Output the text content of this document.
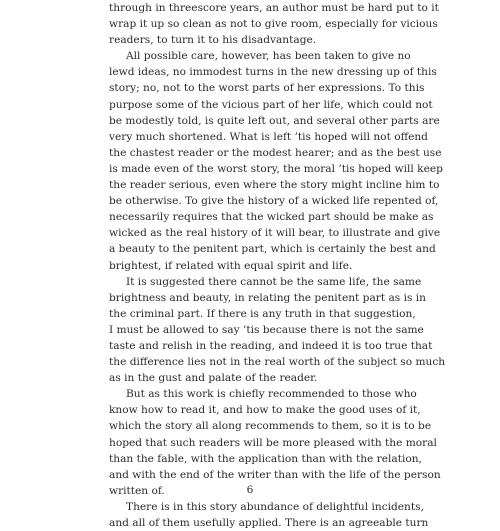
through in threescore years, an author must be hard put to it
wrap it up so clean as not to give room, especially for vicious
readers, to turn it to his disadvantage.
All possible care, however, has been taken to give no
lewd ideas, no immodest turns in the new dressing up of this
story; no, not to the worst parts of her expressions. To this
purpose some of the vicious part of her life, which could not
be modestly told, is quite left out, and several other parts are
very much shortened. What is left ’tis hoped will not offend
the chastest reader or the modest hearer; and as the best use
is made even of the worst story, the moral ’tis hoped will keep
the reader serious, even where the story might incline him to
be otherwise. To give the history of a wicked life repented of,
necessarily requires that the wicked part should be make as
wicked as the real history of it will bear, to illustrate and give
a beauty to the penitent part, which is certainly the best and
brightest, if related with equal spirit and life.
It is suggested there cannot be the same life, the same
brightness and beauty, in relating the penitent part as is in
the criminal part. If there is any truth in that suggestion,
I must be allowed to say ’tis because there is not the same
taste and relish in the reading, and indeed it is too true that
the difference lies not in the real worth of the subject so much
as in the gust and palate of the reader.
But as this work is chiefly recommended to those who
know how to read it, and how to make the good uses of it,
which the story all along recommends to them, so it is to be
hoped that such readers will be more pleased with the moral
than the fable, with the application than with the relation,
and with the end of the writer than with the life of the person
written of.
There is in this story abundance of delightful incidents,
and all of them usefully applied. There is an agreeable turn
6
